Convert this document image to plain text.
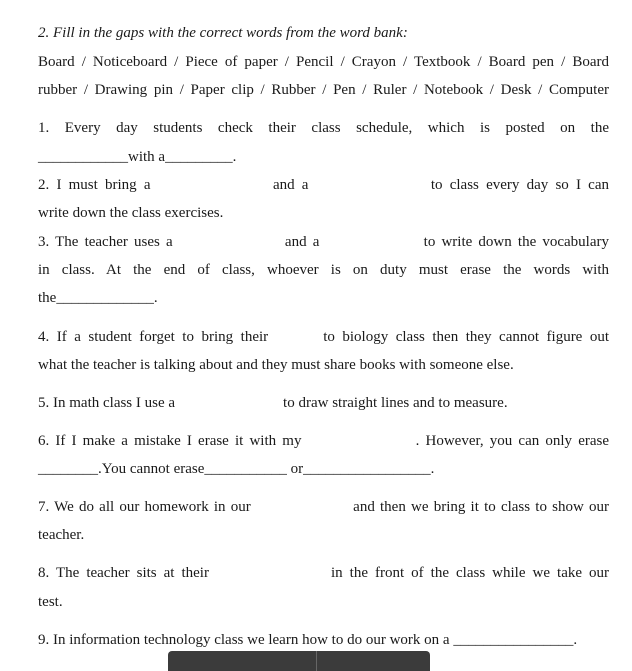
2. Fill in the gaps with the correct words from the word bank:
Board / Noticeboard / Piece of paper / Pencil / Crayon / Textbook / Board pen / Board
rubber / Drawing pin / Paper clip / Rubber / Pen / Ruler / Notebook / Desk / Computer
1. Every day students check their class schedule, which is posted on the
____________with a_________.
2. I must bring a	and a	to class every day so I can
write down the class exercises.
3. The teacher uses a	and a	to write down the vocabulary
in class. At the end of class, whoever is on duty must erase the words with
the_____________.
4. If a student forget to bring their	to biology class then they cannot figure out
what the teacher is talking about and they must share books with someone else.
5. In math class I use a	to draw straight lines and to measure.
6. If I make a mistake I erase it with my	. However, you can only erase
________.You cannot erase___________ or_________________.
7. We do all our homework in our	and then we bring it to class to show our
teacher.
8. The teacher sits at their	in the front of the class while we take our
test.
9. In information technology class we learn how to do our work on a ________________.
